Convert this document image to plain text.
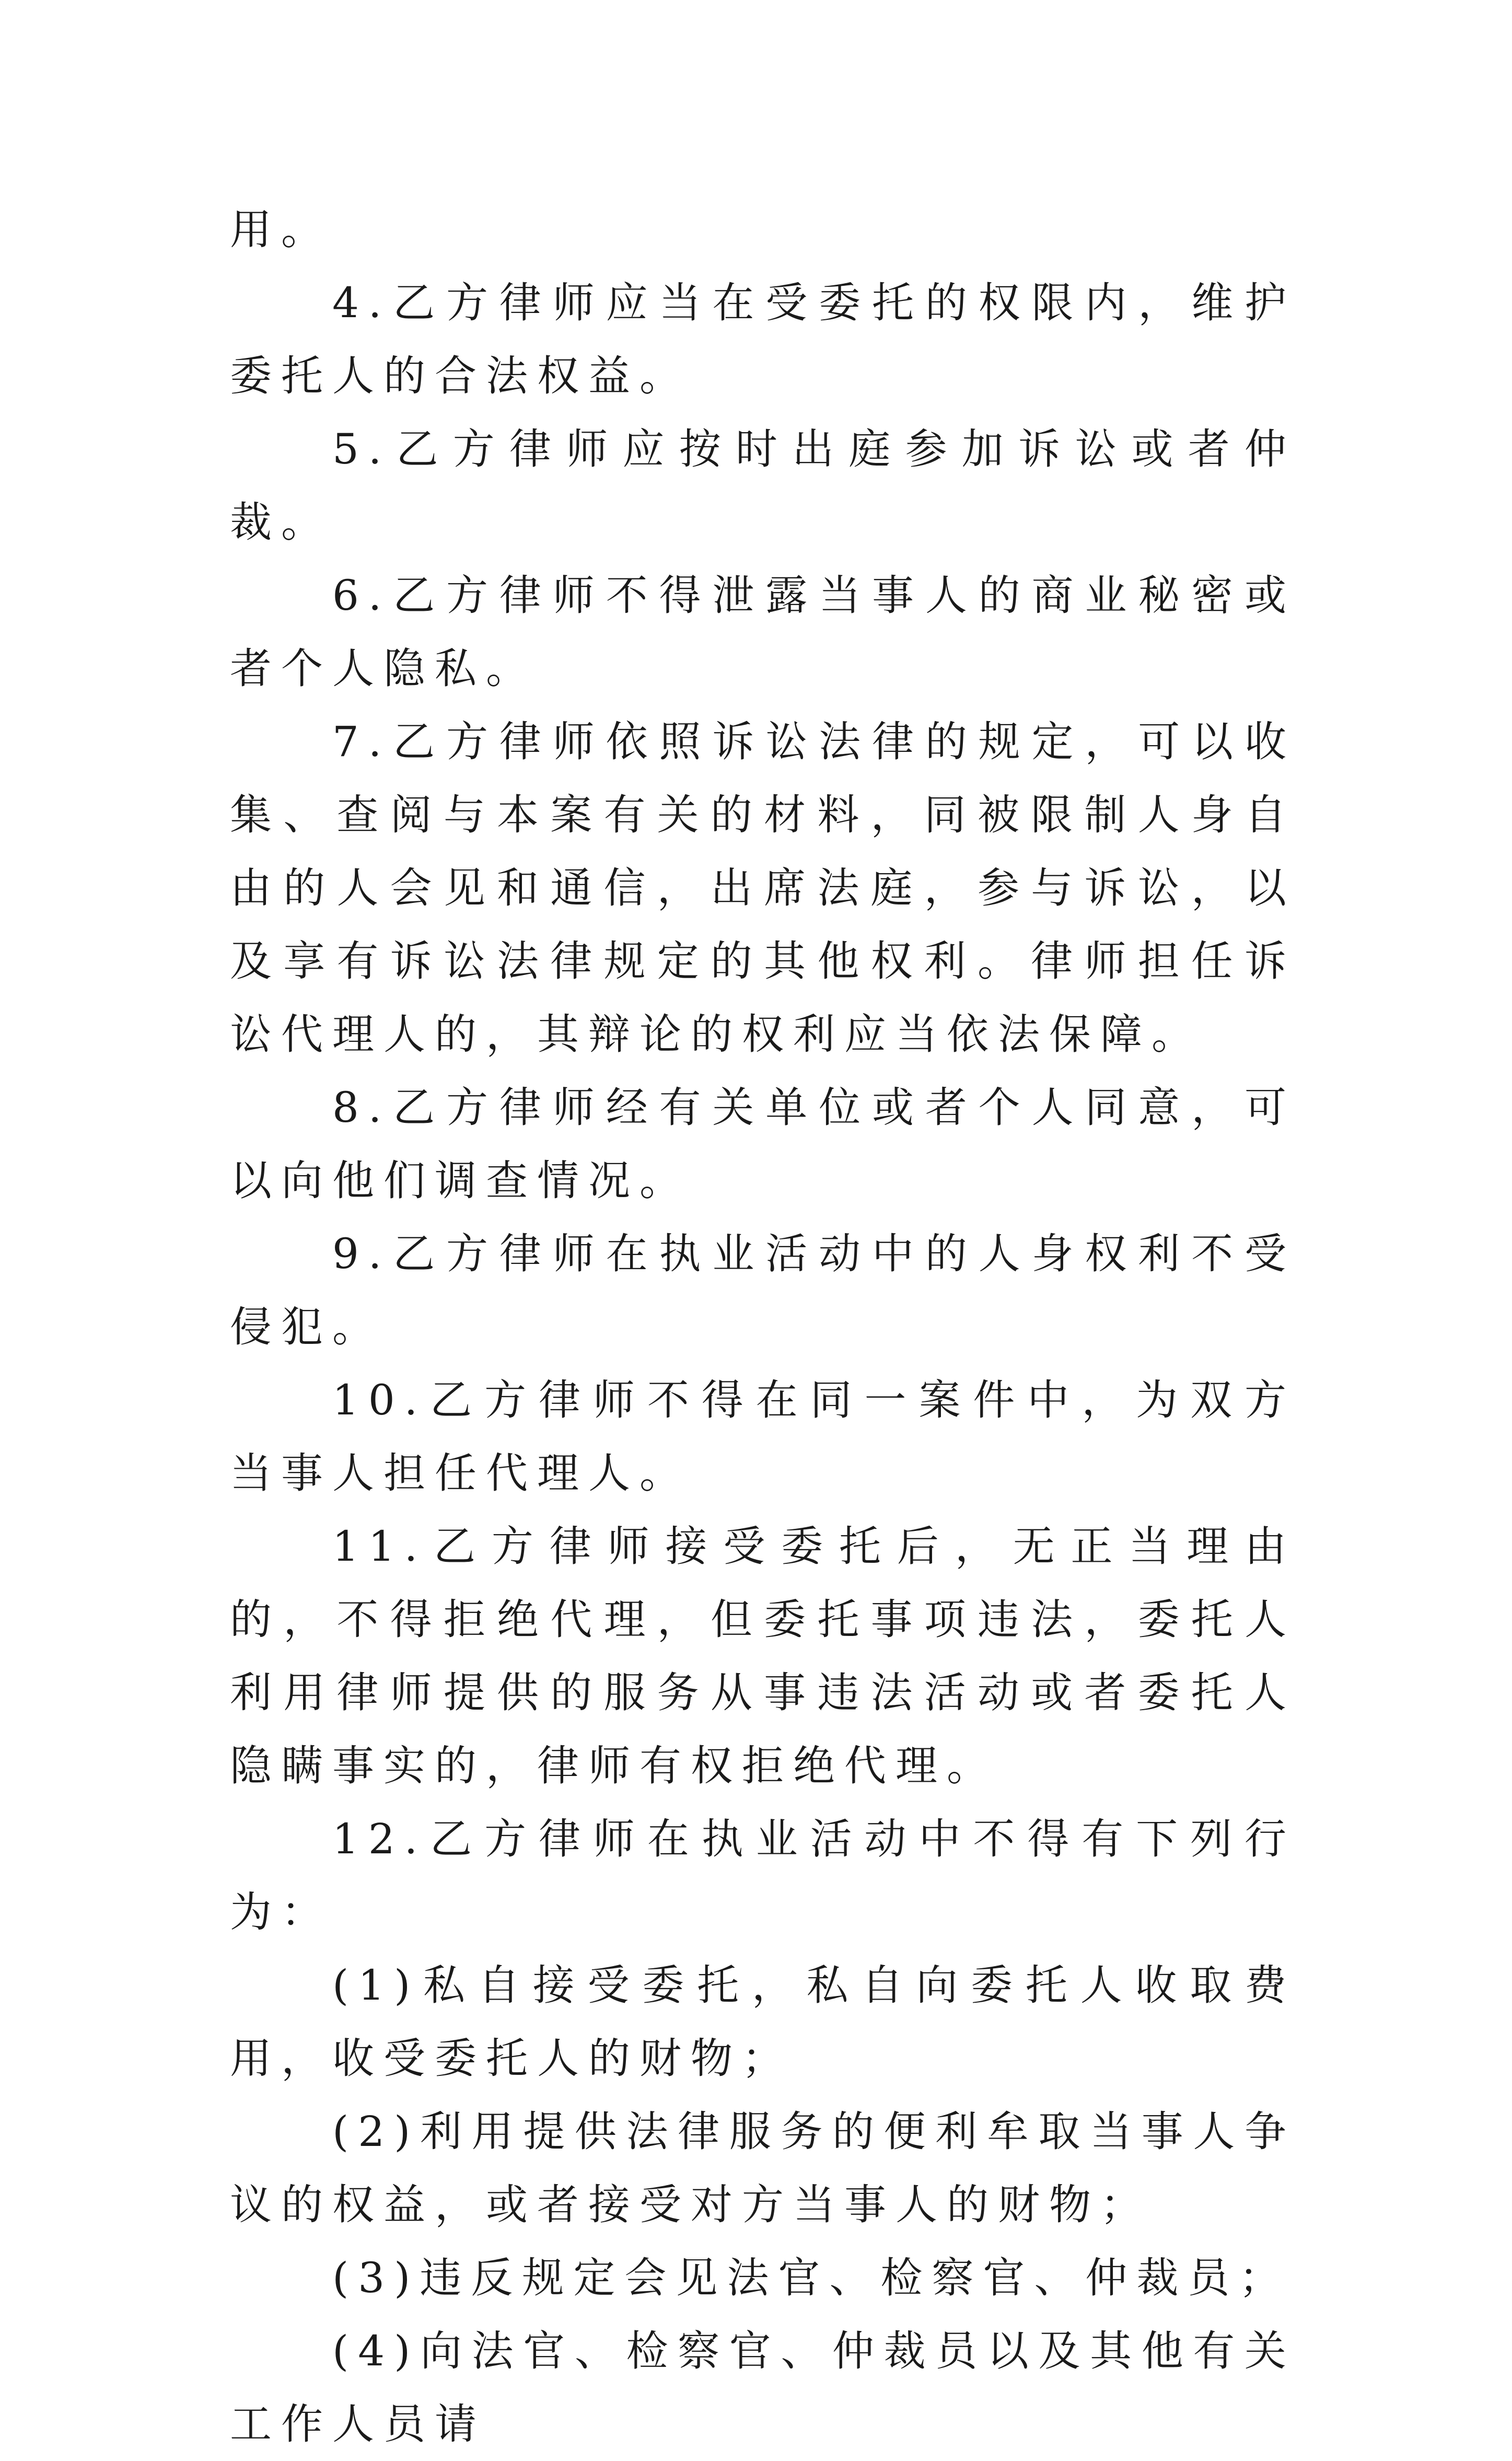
用。

4.乙方律师应当在受委托的权限内，维护委托人的合法权益。

5.乙方律师应按时出庭参加诉讼或者仲裁。

6.乙方律师不得泄露当事人的商业秘密或者个人隐私。

7.乙方律师依照诉讼法律的规定，可以收集、查阅与本案有关的材料，同被限制人身自由的人会见和通信，出席法庭，参与诉讼，以及享有诉讼法律规定的其他权利。律师担任诉讼代理人的，其辩论的权利应当依法保障。

8.乙方律师经有关单位或者个人同意，可以向他们调查情况。

9.乙方律师在执业活动中的人身权利不受侵犯。

10.乙方律师不得在同一案件中，为双方当事人担任代理人。

11.乙方律师接受委托后，无正当理由的，不得拒绝代理，但委托事项违法，委托人利用律师提供的服务从事违法活动或者委托人隐瞒事实的，律师有权拒绝代理。

12.乙方律师在执业活动中不得有下列行为：

(1)私自接受委托，私自向委托人收取费用，收受委托人的财物；

(2)利用提供法律服务的便利牟取当事人争议的权益，或者接受对方当事人的财物；

(3)违反规定会见法官、检察官、仲裁员；

(4)向法官、检察官、仲裁员以及其他有关工作人员请
